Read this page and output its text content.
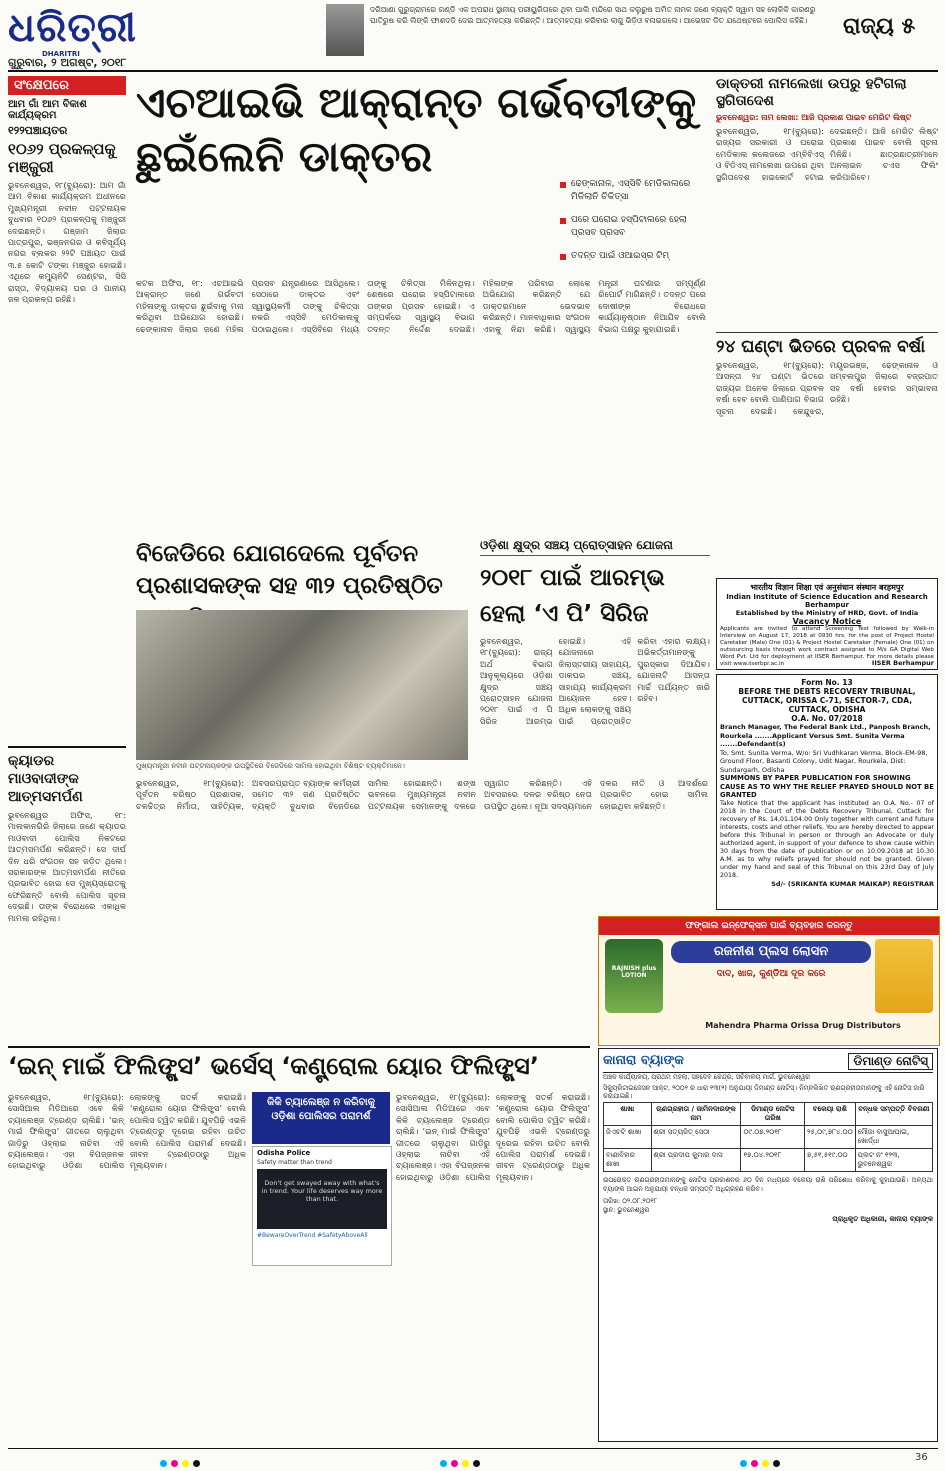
ଧରିତ୍ରୀ
DHARITRI
ଗୁରୁବାର, ୨ ଅଗଷ୍ଟ, ୨୦୧୮
ଦରିଆଣା ଗୁରୁଗ୍ରାମରେ ଗଣ୍ଡି ଏକ ଅପରାଧ ସ୍ଥାନୀୟ ପରୀୟୁରିତାରେ ଥିବା ଘାଲି ମନ୍ଦିରେ ସାଥ କଲୁରୁଷ ଅମିତ ନାମକ ଜଣେ ବ୍ୟକ୍ତି ସ୍ୱାମ ସହ ଲୋକିକି କାରଣରୁ ଘାତିରୁଷ କରି ଲିଙ୍କି ଫାଶଦଡି ଦେଇ ଆତ୍ମହତ୍ୟା କରିଛନ୍ତି। ଆତ୍ମହତ୍ୟା କରିବାର ଲାଗୁ ଭିଡ଼ିଓ ବନାଇଗଲେ। ଆଭେସଟ ଡିତ ଯଥେଷ୍ଟରେ ପୋଲିସ କହିଛି।	ରାଜ୍ୟ ୫
ସଂକ୍ଷେପରେ
ଆମ ଗାଁ ଆମ ବିକାଶ କାର୍ଯ୍ୟକ୍ରମ
୧୨୨ପଞ୍ଚାୟତର
୧୦୬୨ ପ୍ରକଳ୍ପକୁ ମଞ୍ଜୁରୀ
ଭୁବନେଶ୍ୱର, ୧୮(ବ୍ୟୁରୋ): ଆମ ଗାଁ ଆମ ବିକାଶ କାର୍ଯ୍ୟକ୍ରମ ଅଧୀନରେ ମୁଖ୍ୟମନ୍ତ୍ରୀ ନବୀନ ପଟ୍ଟନାୟକ ବୁଧବାର ୧୦୬୨ ପ୍ରକଳ୍ପକୁ ମଞ୍ଜୁରୀ ଦେଇଛନ୍ତି। ଗଞ୍ଜାମ ଜିଲାର ପାତ୍ରପୁର, ଭଞ୍ଜନଗର ଓ କବିସୂର୍ଯ୍ୟ ନଗର ବ୍ଲକର ୨୨ଟି ପଞ୍ଚାୟତ ପାଇଁ ୩.୫ କୋଟି ଟଙ୍କା ମଞ୍ଜୁର ହୋଇଛି। ଏଥିରେ କମ୍ୟୁନିଟି ସେଣ୍ଟର, ସିସି ରାସ୍ତା, ବିଦ୍ୟାଳୟ ଘର ଓ ପାନୀୟ ଜଳ ପ୍ରକଳ୍ପ ରହିଛି।
କ୍ୟାଡର ମାଓବାଦୀଙ୍କ ଆତ୍ମସମର୍ପଣ
ଭୁବନେଶ୍ୱର ଅଫିସ, ୧୮: ମାଲକାନଗିରି ଜିଲାରେ ଜଣେ କ୍ୟାଡର ମାଓବାଦୀ ପୋଲିସ ନିକଟରେ ଆତ୍ମସମର୍ପଣ କରିଛନ୍ତି। ସେ ଦୀର୍ଘ ଦିନ ଧରି ସଂଗଠନ ସହ ଜଡ଼ିତ ଥିଲେ। ସରକାରଙ୍କ ଆତ୍ମସମର୍ପଣ ନୀତିରେ ପ୍ରଭାବିତ ହୋଇ ସେ ମୁଖ୍ୟସ୍ରୋତକୁ ଫେରିଛନ୍ତି ବୋଲି ପୋଲିସ ସୂଚନା ଦେଇଛି। ତାଙ୍କ ବିରୋଧରେ ଏକାଧିକ ମାମଲା ରହିଥିଲା।
ଏଚଆଇଭି ଆକ୍ରାନ୍ତ ଗର୍ଭବତୀଙ୍କୁ ଛୁଇଁଲେନି ଡାକ୍ତର
ଢେଙ୍କାନାଳ, ଏସ୍‌ସିବି ମେଡିକାଲରେ ମିଳିଲାନି ଚିକିତ୍ସା
ପରେ ଘରୋଇ ହସ୍ପିଟାଲରେ ହେଲା ପ୍ରସବ ପ୍ରସବ
ତଦନ୍ତ ପାଇଁ ଓଆଇସ୍‌ର ଟିମ୍
କଟକ ଅଫିସ, ୧୮: ଏଚଆଇଭି ଆକ୍ରାନ୍ତ ଜଣେ ଗର୍ଭବତୀ ମହିଳାଙ୍କୁ ଡାକ୍ତର ଛୁଇଁବାକୁ ମନା କରିଥିବା ଅଭିଯୋଗ ହୋଇଛି। ଢେଙ୍କାନାଳ ଜିଲାର ଜଣେ ମହିଳା ପ୍ରସବ ଯନ୍ତ୍ରଣାରେ ଆସିଥିଲେ। ସେଠାରେ ଡାକ୍ତର ଏବଂ ସ୍ୱାସ୍ଥ୍ୟକର୍ମୀ ତାଙ୍କୁ ଚିକିତ୍ସା ନକରି ଏସ୍‌ସିବି ମେଡିକାଲକୁ ପଠାଇଥିଲେ। ଏସ୍‌ସିବିରେ ମଧ୍ୟ ତାଙ୍କୁ ଚିକିତ୍ସା ମିଳିନଥିଲା। ଶେଷରେ ଘରୋଇ ହସ୍ପିଟାଲରେ ତାଙ୍କର ପ୍ରସବ ହୋଇଛି। ଏ ସମ୍ପର୍କରେ ସ୍ୱାସ୍ଥ୍ୟ ବିଭାଗ ତଦନ୍ତ ନିର୍ଦ୍ଦେଶ ଦେଇଛି। ମହିଳାଙ୍କ ପରିବାର ଲୋକେ ଅଭିଯୋଗ କରିଛନ୍ତି ଯେ ଡାକ୍ତରମାନେ ଭେଦଭାବ କରିଛନ୍ତି। ମାନବାଧିକାର ସଂଗଠନ ଏହାକୁ ନିନ୍ଦା କରିଛି। ସ୍ୱାସ୍ଥ୍ୟ ମନ୍ତ୍ରୀ ଘଟଣାର ସମ୍ପୂର୍ଣ୍ଣ ରିପୋର୍ଟ ମାଗିଛନ୍ତି। ତଦନ୍ତ ପରେ ଦୋଷୀଙ୍କ ବିରୋଧରେ କାର୍ଯ୍ୟାନୁଷ୍ଠାନ ନିଆଯିବ ବୋଲି ବିଭାଗ ପକ୍ଷରୁ କୁହାଯାଇଛି।
ଡାକ୍ତରୀ ନାମଲେଖା ଉପରୁ ହଟିଗଲା ସ୍ଥଗିତାଦେଶ
ଭୁବନେଶ୍ୱର: ନାମ ଲେଖା: ଆଜି ପ୍ରକାଶ ପାଇବ ମେରିଟ ଲିଷ୍ଟ
ଭୁବନେଶ୍ୱର, ୧୮(ବ୍ୟୁରୋ): ରାଜ୍ୟର ସରକାରୀ ଓ ଘରୋଇ ମେଡିକାଲ କଲେଜରେ ଏମ୍‌ବିବିଏସ୍ ଓ ବିଡିଏସ୍ ନାମଲେଖା ଉପରେ ଥିବା ସ୍ଥଗିତାଦେଶ ହାଇକୋର୍ଟ ହଟାଇ ଦେଇଛନ୍ତି। ଆଜି ମେରିଟ ଲିଷ୍ଟ ପ୍ରକାଶ ପାଇବ ବୋଲି ସୂଚନା ମିଳିଛି। ଛାତ୍ରଛାତ୍ରୀମାନେ ଅନଲାଇନ ଚଏସ ଫିଲିଂ କରିପାରିବେ।
୨୪ ଘଣ୍ଟା ଭିତରେ ପ୍ରବଳ ବର୍ଷା
ଭୁବନେଶ୍ୱର, ୧୮(ବ୍ୟୁରୋ): ଆସନ୍ତା ୨୪ ଘଣ୍ଟା ଭିତରେ ରାଜ୍ୟର ଅନେକ ଜିଲାରେ ପ୍ରବଳ ବର୍ଷା ହେବ ବୋଲି ପାଣିପାଗ ବିଭାଗ ସୂଚନା ଦେଇଛି। କେନ୍ଦୁଝର, ମୟୂରଭଞ୍ଜ, ଢେଙ୍କାନାଳ ଓ ସମ୍ବଲପୁର ଜିଲାରେ ବଜ୍ରପାତ ସହ ବର୍ଷା ହେବାର ସମ୍ଭାବନା ରହିଛି।
भारतीय विज्ञान शिक्षा एवं अनुसंधान संस्थान बरहमपुर
Indian Institute of Science Education and Research Berhampur
Established by the Ministry of HRD, Govt. of India
Vacancy Notice
Applicants are invited to attend Screening Test followed by Walk-in Interview on August 17, 2018 at 0930 hrs. for the post of Project Hostel Caretaker (Male) One (01) & Project Hostel Caretaker (Female) One (01) on outsourcing basis through work contract assigned to M/s GA Digital Web Word Pvt. Ltd for deployment at IISER Berhampur. For more details please visit www.iiserbpr.ac.in	IISER Berhampur
Form No. 13
BEFORE THE DEBTS RECOVERY TRIBUNAL, CUTTACK, ORISSA C-71, SECTOR-7, CDA, CUTTACK, ODISHA
O.A. No. 07/2018
Branch Manager, The Federal Bank Ltd., Panposh Branch, Rourkela .......Applicant Versus Smt. Sunita Verma .......Defendant(s)
To, Smt. Sunita Verma, W/o: Sri Vudhkaran Verma, Block-EM-98, Ground Floor, Basanti Colony, Udit Nagar, Rourkela, Dist: Sundargarh, Odisha
SUMMONS BY PAPER PUBLICATION FOR SHOWING CAUSE AS TO WHY THE RELIEF PRAYED SHOULD NOT BE GRANTED
Take Notice that the applicant has instituted an O.A. No.- 07 of 2018 in the Court of the Debts Recovery Tribunal, Cuttack for recovery of Rs. 14,01,104.00 Only together with current and future interests, costs and other reliefs. You are hereby directed to appear before this Tribunal in person or through an Advocate or duly authorized agent, in support of your defence to show cause within 30 days from the date of publication or on 10.09.2018 at 10.30 A.M. as to why reliefs prayed for should not be granted. Given under my hand and seal of this Tribunal on this 23rd Day of July 2018.
Sd/- (SRIKANTA KUMAR MAIKAP) REGISTRAR
ବିଜେଡିରେ ଯୋଗଦେଲେ ପୂର୍ବତନ ପ୍ରଶାସକଙ୍କ ସହ ୩୨ ପ୍ରତିଷ୍ଠିତ
ମୁଖ୍ୟମନ୍ତ୍ରୀ ନବୀନ ପଟ୍ଟନାୟକଙ୍କ ଉପସ୍ଥିତିରେ ବିଜେଡିରେ ସାମିଲ ହୋଇଥିବା ବିଶିଷ୍ଟ ବ୍ୟକ୍ତିମାନେ।
ଭୁବନେଶ୍ୱର, ୧୮(ବ୍ୟୁରୋ): ପୂର୍ବତନ ବରିଷ୍ଠ ପ୍ରଶାସକ, ଚଳଚ୍ଚିତ୍ର ନିର୍ମାତା, ସାହିତ୍ୟିକ, ଅବସରପ୍ରାପ୍ତ ବ୍ୟାଙ୍କ କର୍ମଚାରୀ ସମେତ ୩୨ ଜଣ ପ୍ରତିଷ୍ଠିତ ବ୍ୟକ୍ତି ବୁଧବାର ବିଜେଡିରେ ସାମିଲ ହୋଇଛନ୍ତି। ଶଙ୍ଖ ଭବନରେ ମୁଖ୍ୟମନ୍ତ୍ରୀ ନବୀନ ପଟ୍ଟନାୟକ ସେମାନଙ୍କୁ ଦଳରେ ସ୍ୱାଗତ କରିଛନ୍ତି। ଏହି ଅବସରରେ ଦଳର ବରିଷ୍ଠ ନେତା ଉପସ୍ଥିତ ଥିଲେ। ନୂଆ ସଦସ୍ୟମାନେ ଦଳର ନୀତି ଓ ଆଦର୍ଶରେ ପ୍ରଭାବିତ ହୋଇ ସାମିଲ ହୋଇଥିବା କହିଛନ୍ତି।
ଓଡ଼ିଶା କ୍ଷୁଦ୍ର ସଞ୍ଚୟ ପ୍ରୋତ୍ସାହନ ଯୋଜନା
୨୦୧୮ ପାଇଁ ଆରମ୍ଭ ହେଲା ‘ଏ ପି’ ସିରିଜ
ଭୁବନେଶ୍ୱର, ୧୮(ବ୍ୟୁରୋ): ରାଜ୍ୟ ଅର୍ଥ ବିଭାଗ ଆନୁକୂଲ୍ୟରେ ଓଡ଼ିଶା କ୍ଷୁଦ୍ର ସଞ୍ଚୟ ପ୍ରୋତ୍ସାହନ ଯୋଜନା ୨୦୧୮ ପାଇଁ ଏ ପି ସିରିଜ ଆରମ୍ଭ ହୋଇଛି। ଏହି ଯୋଜନାରେ ଜିଲାସ୍ତରୀୟ ସାହାଯ୍ୟ, ଡାକଘର ସଞ୍ଚୟ, ସାହାଯ୍ୟ କାର୍ଯ୍ୟକ୍ରମ ଆୟୋଜନ ହେବ। ଅଧିକ ଲୋକଙ୍କୁ ସଞ୍ଚୟ ପାଇଁ ପ୍ରୋତ୍ସାହିତ କରିବା ଏହାର ଲକ୍ଷ୍ୟ। ଅଭିକର୍ତ୍ତାମାନଙ୍କୁ ପୁରସ୍କାର ଦିଆଯିବ। ଯୋଜନାଟି ଆସନ୍ତା ମାର୍ଚ୍ଚ ପର୍ଯ୍ୟନ୍ତ ଜାରି ରହିବ।
ଫଙ୍ଗାଲ ଇନ୍‌ଫେକ୍ସନ ପାଇଁ ବ୍ୟବହାର କରନ୍ତୁ
RAJNISH plus LOTION
ରଜନୀଶ ପ୍ଲସ ଲୋସନ
ଦାଦ, ଖାଜ, କୁଣ୍ଡିଆ ଦୂର କରେ
Mahendra Pharma Orissa Drug Distributors
‘ଇନ୍ ମାଇଁ ଫିଲିଙ୍ଗ୍ସ’ ଭର୍ସେସ୍ ‘କଣ୍ଟ୍ରୋଲ ୟୋର ଫିଲିଙ୍ଗ୍ସ’
କିକି ଚ୍ୟାଲେଞ୍ଜ ନ କରିବାକୁ ଓଡ଼ିଶା ପୋଲିସର ପରାମର୍ଶ
Odisha Police
Safety matter than trend
Don't get swayed away with what's in trend. Your life deserves way more than that.
#BewareOverTrend #SafetyAboveAll
ଭୁବନେଶ୍ୱର, ୧୮(ବ୍ୟୁରୋ): ସୋସିଆଲ ମିଡିଆରେ ଏବେ କିକି ଚ୍ୟାଲେଞ୍ଜ ଟ୍ରେଣ୍ଡ ଚାଲିଛି। ‘ଇନ୍ ମାଇଁ ଫିଲିଙ୍ଗ୍ସ’ ଗୀତରେ ଚାଲୁଥିବା ଗାଡ଼ିରୁ ଓହ୍ଲାଇ ନାଚିବା ଏହି ଚ୍ୟାଲେଞ୍ଜ। ଏହା ବିପଜ୍ଜନକ ହୋଇଥିବାରୁ ଓଡ଼ିଶା ପୋଲିସ ଲୋକଙ୍କୁ ସତର୍କ କରାଇଛି। ‘କଣ୍ଟ୍ରୋଲ ୟୋର ଫିଲିଙ୍ଗ୍ସ’ ବୋଲି ପୋଲିସ ଟ୍ୱିଟ କରିଛି। ଯୁବପିଢ଼ି ଏଭଳି ଟ୍ରେଣ୍ଡରୁ ଦୂରେଇ ରହିବା ଉଚିତ ବୋଲି ପୋଲିସ ପରାମର୍ଶ ଦେଇଛି। ଜୀବନ ଟ୍ରେଣ୍ଡଠାରୁ ଅଧିକ ମୂଲ୍ୟବାନ।
ଭୁବନେଶ୍ୱର, ୧୮(ବ୍ୟୁରୋ): ସୋସିଆଲ ମିଡିଆରେ ଏବେ କିକି ଚ୍ୟାଲେଞ୍ଜ ଟ୍ରେଣ୍ଡ ଚାଲିଛି। ‘ଇନ୍ ମାଇଁ ଫିଲିଙ୍ଗ୍ସ’ ଗୀତରେ ଚାଲୁଥିବା ଗାଡ଼ିରୁ ଓହ୍ଲାଇ ନାଚିବା ଏହି ଚ୍ୟାଲେଞ୍ଜ। ଏହା ବିପଜ୍ଜନକ ହୋଇଥିବାରୁ ଓଡ଼ିଶା ପୋଲିସ ଲୋକଙ୍କୁ ସତର୍କ କରାଇଛି। ‘କଣ୍ଟ୍ରୋଲ ୟୋର ଫିଲିଙ୍ଗ୍ସ’ ବୋଲି ପୋଲିସ ଟ୍ୱିଟ କରିଛି। ଯୁବପିଢ଼ି ଏଭଳି ଟ୍ରେଣ୍ଡରୁ ଦୂରେଇ ରହିବା ଉଚିତ ବୋଲି ପୋଲିସ ପରାମର୍ଶ ଦେଇଛି। ଜୀବନ ଟ୍ରେଣ୍ଡଠାରୁ ଅଧିକ ମୂଲ୍ୟବାନ।
କାନାରା ବ୍ୟାଙ୍କ	ଡିମାଣ୍ଡ ନୋଟିସ୍
ଅଞ୍ଚଳ କାର୍ଯ୍ୟାଳୟ, ପ୍ରଥମ ମହଲା, ସହଦେବ କେନ୍ଦ୍ର, ସଚିବାଳୟ ମାର୍ଗ, ଭୁବନେଶ୍ୱର
ସିକ୍ୟୁରିଟାଇଜେସନ ଆକ୍ଟ, ୨୦୦୨ ର ଧାରା ୧୩(୨) ଅନୁଯାୟୀ ଡିମାଣ୍ଡ ନୋଟିସ୍। ନିମ୍ନଲିଖିତ ଋଣଗ୍ରହୀତାମାନଙ୍କୁ ଏହି ନୋଟିସ ଜାରି କରାଯାଇଛି।
ଶାଖା	ଋଣଗ୍ରହୀତା / ଜାମିନଦାରଙ୍କ ନାମ	ଡିମାଣ୍ଡ ନୋଟିସ ତାରିଖ	ବକେୟା ରାଶି	ବନ୍ଧକ ସମ୍ପତ୍ତି ବିବରଣୀ
ଜିଏଚଟି ଶାଖା	ଶ୍ରୀ ସତ୍ୟଜିତ୍ ସେଠୀ	୦୯.୦୭.୨୦୧୮	୨୫,୦୯,୭୮୪.୦୦	ମୌଜା ବାସୁଆଘାଇ, ଖୋର୍ଦ୍ଧା
ବାଣୀବିହାର ଶାଖା	ଶ୍ରୀ ପ୍ରଦୀପ କୁମାର ଦାସ	୧୭.୦୪.୨୦୧୮	୭,୫୧,୫୧୯.୦୦	ପ୍ଲଟ ନଂ ୧୨୩, ଭୁବନେଶ୍ୱର
ଉପରୋକ୍ତ ଋଣଗ୍ରହୀତାମାନଙ୍କୁ ନୋଟିସ ପ୍ରକାଶନର ୬୦ ଦିନ ମଧ୍ୟରେ ବକେୟା ରାଶି ପରିଶୋଧ କରିବାକୁ କୁହାଯାଉଛି। ଅନ୍ୟଥା ବ୍ୟାଙ୍କ ଆଇନ ଅନୁଯାୟୀ ବନ୍ଧକ ସମ୍ପତ୍ତି ଅଧିଗ୍ରହଣ କରିବ।
ତାରିଖ: ୦୨.୦୮.୨୦୧୮
ସ୍ଥାନ: ଭୁବନେଶ୍ୱର
ପ୍ରାଧିକୃତ ଅଧିକାରୀ, କାନାରା ବ୍ୟାଙ୍କ
36
